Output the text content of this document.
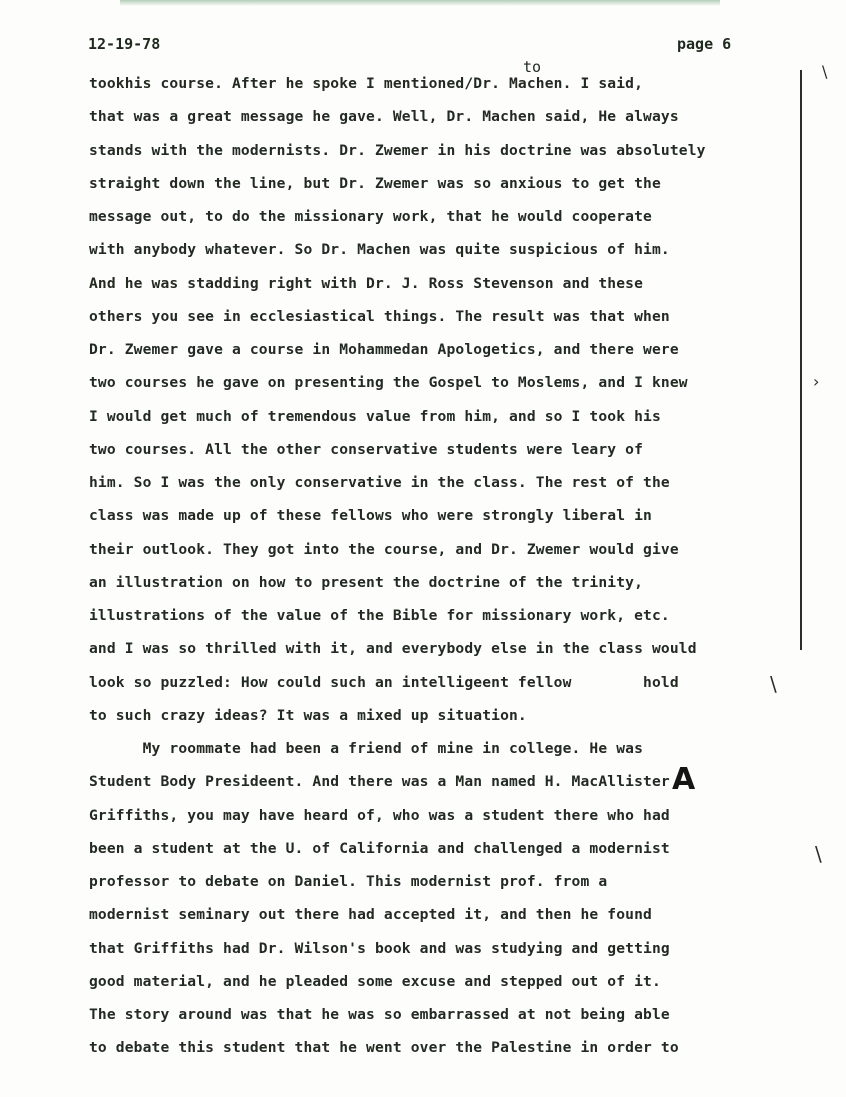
12-19-78	page 6
to
tookhis course. After he spoke I mentioned/Dr. Machen. I said,
that was a great message he gave. Well, Dr. Machen said, He always
stands with the modernists. Dr. Zwemer in his doctrine was absolutely
straight down the line, but Dr. Zwemer was so anxious to get the
message out, to do the missionary work, that he would cooperate
with anybody whatever. So Dr. Machen was quite suspicious of him.
And he was stadding right with Dr. J. Ross Stevenson and these
others you see in ecclesiastical things. The result was that when
Dr. Zwemer gave a course in Mohammedan Apologetics, and there were
two courses he gave on presenting the Gospel to Moslems, and I knew
I would get much of tremendous value from him, and so I took his
two courses. All the other conservative students were leary of
him. So I was the only conservative in the class. The rest of the
class was made up of these fellows who were strongly liberal in
their outlook. They got into the course, and Dr. Zwemer would give
an illustration on how to present the doctrine of the trinity,
illustrations of the value of the Bible for missionary work, etc.
and I was so thrilled with it, and everybody else in the class would
look so puzzled: How could such an intelligeent fellow        hold
to such crazy ideas? It was a mixed up situation.
My roommate had been a friend of mine in college. He was
Student Body Presideent. And there was a Man named H. MacAllister
Griffiths, you may have heard of, who was a student there who had
been a student at the U. of California and challenged a modernist
professor to debate on Daniel. This modernist prof. from a
modernist seminary out there had accepted it, and then he found
that Griffiths had Dr. Wilson's book and was studying and getting
good material, and he pleaded some excuse and stepped out of it.
The story around was that he was so embarrassed at not being able
to debate this student that he went over the Palestine in order to
\
›
\
\
A
